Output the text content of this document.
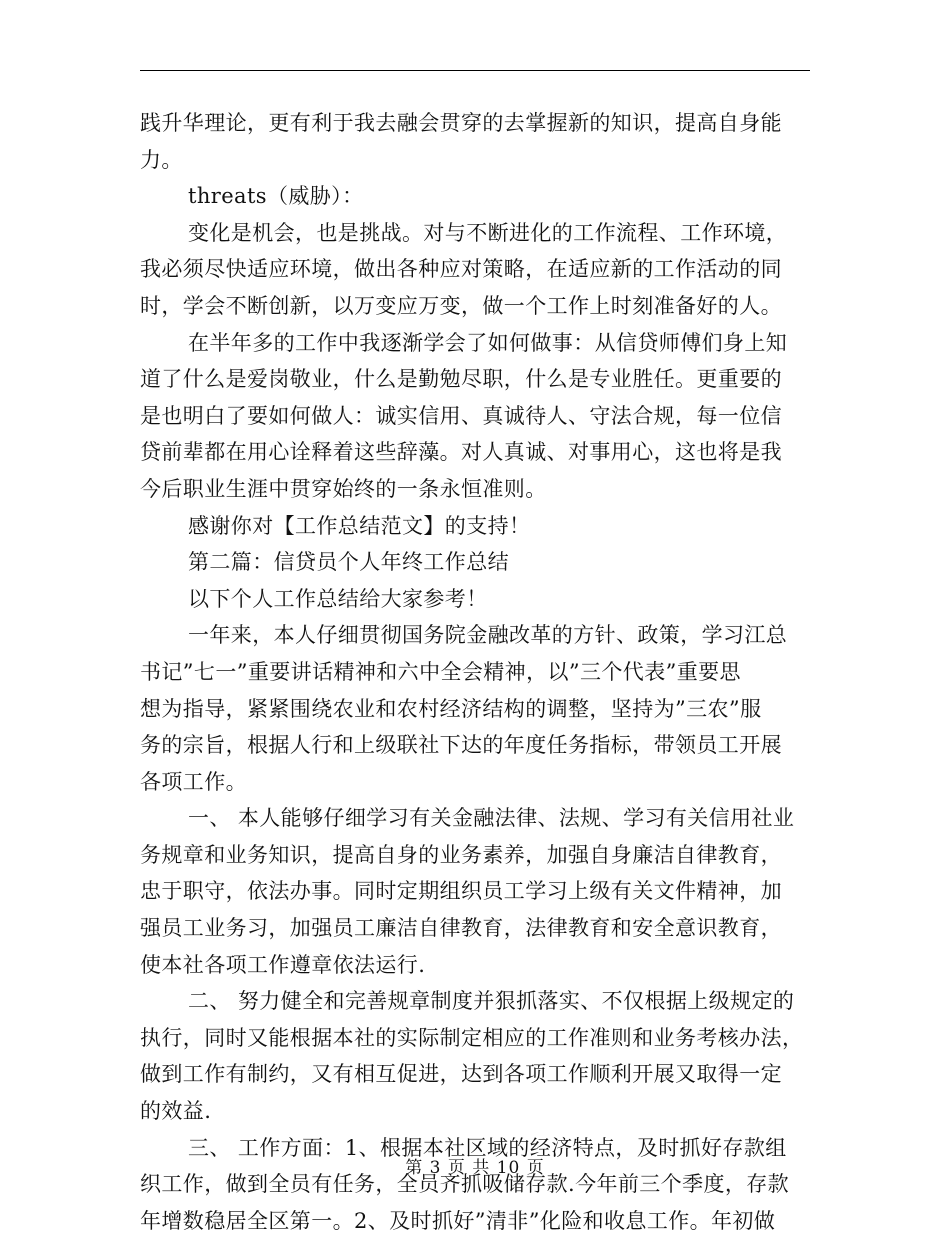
践升华理论，更有利于我去融会贯穿的去掌握新的知识，提高自身能
力。
threats（威胁）：
变化是机会，也是挑战。对与不断进化的工作流程、工作环境，
我必须尽快适应环境，做出各种应对策略，在适应新的工作活动的同
时，学会不断创新，以万变应万变，做一个工作上时刻准备好的人。
在半年多的工作中我逐渐学会了如何做事：从信贷师傅们身上知
道了什么是爱岗敬业，什么是勤勉尽职，什么是专业胜任。更重要的
是也明白了要如何做人：诚实信用、真诚待人、守法合规，每一位信
贷前辈都在用心诠释着这些辞藻。对人真诚、对事用心，这也将是我
今后职业生涯中贯穿始终的一条永恒准则。
感谢你对【工作总结范文】的支持！
第二篇：信贷员个人年终工作总结
以下个人工作总结给大家参考！
一年来，本人仔细贯彻国务院金融改革的方针、政策，学习江总
书记”七一”重要讲话精神和六中全会精神，以”三个代表”重要思
想为指导，紧紧围绕农业和农村经济结构的调整，坚持为”三农”服
务的宗旨，根据人行和上级联社下达的年度任务指标，带领员工开展
各项工作。
一、 本人能够仔细学习有关金融法律、法规、学习有关信用社业
务规章和业务知识，提高自身的业务素养，加强自身廉洁自律教育，
忠于职守，依法办事。同时定期组织员工学习上级有关文件精神，加
强员工业务习，加强员工廉洁自律教育，法律教育和安全意识教育，
使本社各项工作遵章依法运行.
二、 努力健全和完善规章制度并狠抓落实、不仅根据上级规定的
执行，同时又能根据本社的实际制定相应的工作准则和业务考核办法，
做到工作有制约，又有相互促进，达到各项工作顺利开展又取得一定
的效益.
三、 工作方面：1、根据本社区域的经济特点，及时抓好存款组
织工作，做到全员有任务，全员齐抓吸储存款.今年前三个季度，存款
年增数稳居全区第一。2、及时抓好”清非”化险和收息工作。年初做
第 3 页 共 10 页
